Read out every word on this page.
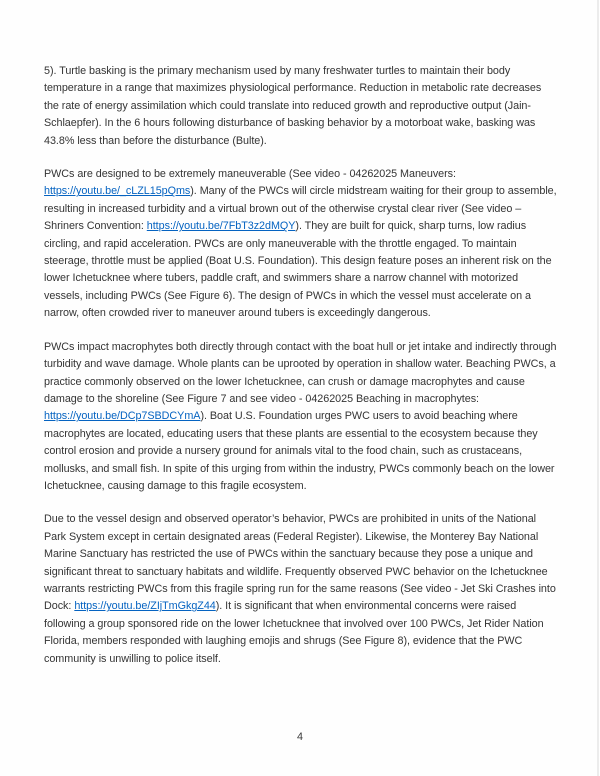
5). Turtle basking is the primary mechanism used by many freshwater turtles to maintain their body temperature in a range that maximizes physiological performance. Reduction in metabolic rate decreases the rate of energy assimilation which could translate into reduced growth and reproductive output (Jain-Schlaepfer). In the 6 hours following disturbance of basking behavior by a motorboat wake, basking was 43.8% less than before the disturbance (Bulte).

PWCs are designed to be extremely maneuverable (See video - 04262025 Maneuvers: https://youtu.be/_cLZL15pQms). Many of the PWCs will circle midstream waiting for their group to assemble, resulting in increased turbidity and a virtual brown out of the otherwise crystal clear river (See video – Shriners Convention: https://youtu.be/7FbT3z2dMQY). They are built for quick, sharp turns, low radius circling, and rapid acceleration. PWCs are only maneuverable with the throttle engaged. To maintain steerage, throttle must be applied (Boat U.S. Foundation). This design feature poses an inherent risk on the lower Ichetucknee where tubers, paddle craft, and swimmers share a narrow channel with motorized vessels, including PWCs (See Figure 6). The design of PWCs in which the vessel must accelerate on a narrow, often crowded river to maneuver around tubers is exceedingly dangerous.

PWCs impact macrophytes both directly through contact with the boat hull or jet intake and indirectly through turbidity and wave damage. Whole plants can be uprooted by operation in shallow water. Beaching PWCs, a practice commonly observed on the lower Ichetucknee, can crush or damage macrophytes and cause damage to the shoreline (See Figure 7 and see video - 04262025 Beaching in macrophytes: https://youtu.be/DCp7SBDCYmA). Boat U.S. Foundation urges PWC users to avoid beaching where macrophytes are located, educating users that these plants are essential to the ecosystem because they control erosion and provide a nursery ground for animals vital to the food chain, such as crustaceans, mollusks, and small fish. In spite of this urging from within the industry, PWCs commonly beach on the lower Ichetucknee, causing damage to this fragile ecosystem.

Due to the vessel design and observed operator’s behavior, PWCs are prohibited in units of the National Park System except in certain designated areas (Federal Register). Likewise, the Monterey Bay National Marine Sanctuary has restricted the use of PWCs within the sanctuary because they pose a unique and significant threat to sanctuary habitats and wildlife. Frequently observed PWC behavior on the Ichetucknee warrants restricting PWCs from this fragile spring run for the same reasons (See video - Jet Ski Crashes into Dock: https://youtu.be/ZIjTmGkgZ44). It is significant that when environmental concerns were raised following a group sponsored ride on the lower Ichetucknee that involved over 100 PWCs, Jet Rider Nation Florida, members responded with laughing emojis and shrugs (See Figure 8), evidence that the PWC community is unwilling to police itself.

4
